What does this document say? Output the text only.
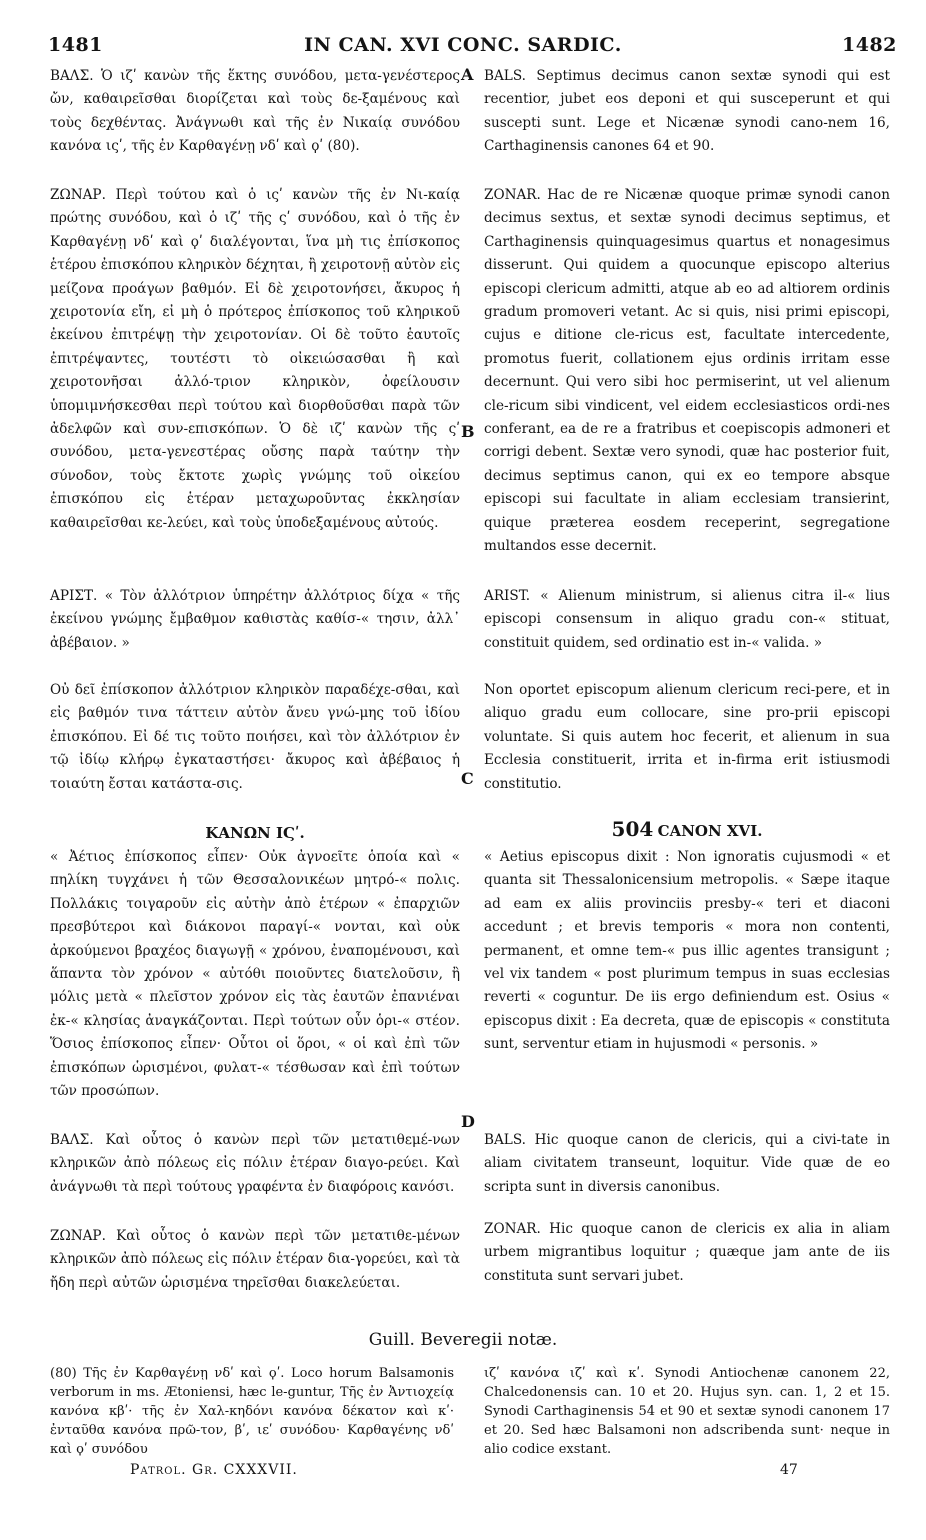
1481	IN CAN. XVI CONC. SARDIC.	1482
A
B
C
D

ΒΑΛΣ. Ὁ ιζʹ κανὼν τῆς ἕκτης συνόδου, μετα-γενέστερος ὤν, καθαιρεῖσθαι διορίζεται καὶ τοὺς δε-ξαμένους καὶ τοὺς δεχθέντας. Ἀνάγνωθι καὶ τῆς ἐν Νικαίᾳ συνόδου κανόνα ιςʹ, τῆς ἐν Καρθαγένῃ νδʹ καὶ ϙʹ (80).

ΖΩΝΑΡ. Περὶ τούτου καὶ ὁ ιςʹ κανὼν τῆς ἐν Νι-καίᾳ πρώτης συνόδου, καὶ ὁ ιζʹ τῆς ςʹ συνόδου, καὶ ὁ τῆς ἐν Καρθαγένῃ νδʹ καὶ ϙʹ διαλέγονται, ἵνα μὴ τις ἐπίσκοπος ἑτέρου ἐπισκόπου κληρικὸν δέχηται, ἢ χειροτονῇ αὐτὸν εἰς μείζονα προάγων βαθμόν. Εἰ δὲ χειροτονήσει, ἄκυρος ἡ χειροτονία εἴη, εἰ μὴ ὁ πρότερος ἐπίσκοπος τοῦ κληρικοῦ ἐκείνου ἐπιτρέψῃ τὴν χειροτονίαν. Οἱ δὲ τοῦτο ἑαυτοῖς ἐπιτρέψαντες, τουτέστι τὸ οἰκειώσασθαι ἢ καὶ χειροτονῆσαι ἀλλό-τριον κληρικὸν, ὀφείλουσιν ὑπομιμνήσκεσθαι περὶ τούτου καὶ διορθοῦσθαι παρὰ τῶν ἀδελφῶν καὶ συν-επισκόπων. Ὁ δὲ ιζʹ κανὼν τῆς ςʹ συνόδου, μετα-γενεστέρας οὔσης παρὰ ταύτην τὴν σύνοδον, τοὺς ἔκτοτε χωρὶς γνώμης τοῦ οἰκείου ἐπισκόπου εἰς ἑτέραν μεταχωροῦντας ἐκκλησίαν καθαιρεῖσθαι κε-λεύει, καὶ τοὺς ὑποδεξαμένους αὐτούς.

ΑΡΙΣΤ. « Τὸν ἀλλότριον ὑπηρέτην ἀλλότριος δίχα « τῆς ἐκείνου γνώμης ἔμβαθμον καθιστὰς καθίσ-« τησιν, ἀλλ᾽ ἀβέβαιον. »

Οὐ δεῖ ἐπίσκοπον ἀλλότριον κληρικὸν παραδέχε-σθαι, καὶ εἰς βαθμόν τινα τάττειν αὐτὸν ἄνευ γνώ-μης τοῦ ἰδίου ἐπισκόπου. Εἰ δέ τις τοῦτο ποιήσει, καὶ τὸν ἀλλότριον ἐν τῷ ἰδίῳ κλήρῳ ἐγκαταστήσει· ἄκυρος καὶ ἀβέβαιος ἡ τοιαύτη ἔσται κατάστα-σις.

ΚΑΝΩΝ ΙϚʹ.

« Ἀέτιος ἐπίσκοπος εἶπεν· Οὐκ ἀγνοεῖτε ὁποία καὶ « πηλίκη τυγχάνει ἡ τῶν Θεσσαλονικέων μητρό-« πολις. Πολλάκις τοιγαροῦν εἰς αὐτὴν ἀπὸ ἑτέρων « ἐπαρχιῶν πρεσβύτεροι καὶ διάκονοι παραγί-« νονται, καὶ οὐκ ἀρκούμενοι βραχέος διαγωγῇ « χρόνου, ἐναπομένουσι, καὶ ἅπαντα τὸν χρόνον « αὐτόθι ποιοῦντες διατελοῦσιν, ἢ μόλις μετὰ « πλεῖστον χρόνον εἰς τὰς ἑαυτῶν ἐπανιέναι ἐκ-« κλησίας ἀναγκάζονται. Περὶ τούτων οὖν ὁρι-« στέον. Ὅσιος ἐπίσκοπος εἶπεν· Οὗτοι οἱ ὅροι, « οἱ καὶ ἐπὶ τῶν ἐπισκόπων ὡρισμένοι, φυλατ-« τέσθωσαν καὶ ἐπὶ τούτων τῶν προσώπων.

ΒΑΛΣ. Καὶ οὗτος ὁ κανὼν περὶ τῶν μετατιθεμέ-νων κληρικῶν ἀπὸ πόλεως εἰς πόλιν ἑτέραν διαγο-ρεύει. Καὶ ἀνάγνωθι τὰ περὶ τούτους γραφέντα ἐν διαφόροις κανόσι.

ΖΩΝΑΡ. Καὶ οὗτος ὁ κανὼν περὶ τῶν μετατιθε-μένων κληρικῶν ἀπὸ πόλεως εἰς πόλιν ἑτέραν δια-γορεύει, καὶ τὰ ἤδη περὶ αὐτῶν ὡρισμένα τηρεῖσθαι διακελεύεται.

BALS. Septimus decimus canon sextæ synodi qui est recentior, jubet eos deponi et qui susceperunt et qui suscepti sunt. Lege et Nicænæ synodi cano-nem 16, Carthaginensis canones 64 et 90.

ZONAR. Hac de re Nicænæ quoque primæ synodi canon decimus sextus, et sextæ synodi decimus septimus, et Carthaginensis quinquagesimus quartus et nonagesimus disserunt. Qui quidem a quocunque episcopo alterius episcopi clericum admitti, atque ab eo ad altiorem ordinis gradum promoveri vetant. Ac si quis, nisi primi episcopi, cujus e ditione cle-ricus est, facultate intercedente, promotus fuerit, collationem ejus ordinis irritam esse decernunt. Qui vero sibi hoc permiserint, ut vel alienum cle-ricum sibi vindicent, vel eidem ecclesiasticos ordi-nes conferant, ea de re a fratribus et coepiscopis admoneri et corrigi debent. Sextæ vero synodi, quæ hac posterior fuit, decimus septimus canon, qui ex eo tempore absque episcopi sui facultate in aliam ecclesiam transierint, quique præterea eosdem receperint, segregatione multandos esse decernit.

ARIST. « Alienum ministrum, si alienus citra il-« lius episcopi consensum in aliquo gradu con-« stituat, constituit quidem, sed ordinatio est in-« valida. »

Non oportet episcopum alienum clericum reci-pere, et in aliquo gradu eum collocare, sine pro-prii episcopi voluntate. Si quis autem hoc fecerit, et alienum in sua Ecclesia constituerit, irrita et in-firma erit istiusmodi constitutio.

504 CANON XVI.

« Aetius episcopus dixit : Non ignoratis cujusmodi « et quanta sit Thessalonicensium metropolis. « Sæpe itaque ad eam ex aliis provinciis presby-« teri et diaconi accedunt ; et brevis temporis « mora non contenti, permanent, et omne tem-« pus illic agentes transigunt ; vel vix tandem « post plurimum tempus in suas ecclesias reverti « coguntur. De iis ergo definiendum est. Osius « episcopus dixit : Ea decreta, quæ de episcopis « constituta sunt, serventur etiam in hujusmodi « personis. »

BALS. Hic quoque canon de clericis, qui a civi-tate in aliam civitatem transeunt, loquitur. Vide quæ de eo scripta sunt in diversis canonibus.

ZONAR. Hic quoque canon de clericis ex alia in aliam urbem migrantibus loquitur ; quæque jam ante de iis constituta sunt servari jubet.

Guill. Beveregii notæ.

(80) Τῆς ἐν Καρθαγένῃ νδʹ καὶ ϙʹ. Loco horum Balsamonis verborum in ms. Ætoniensi, hæc le-guntur, Τῆς ἐν Ἀντιοχείᾳ κανόνα κβʹ· τῆς ἐν Χαλ-κηδόνι κανόνα δέκατον καὶ κʹ· ἐνταῦθα κανόνα πρῶ-τον, βʹ, ιεʹ συνόδου· Καρθαγένης νδʹ καὶ ϙʹ συνόδου

ιζʹ κανόνα ιζʹ καὶ κʹ. Synodi Antiochenæ canonem 22, Chalcedonensis can. 10 et 20. Hujus syn. can. 1, 2 et 15. Synodi Carthaginensis 54 et 90 et sextæ synodi canonem 17 et 20. Sed hæc Balsamoni non adscribenda sunt· neque in alio codice exstant.

Patrol. Gr. CXXXVII.	47
